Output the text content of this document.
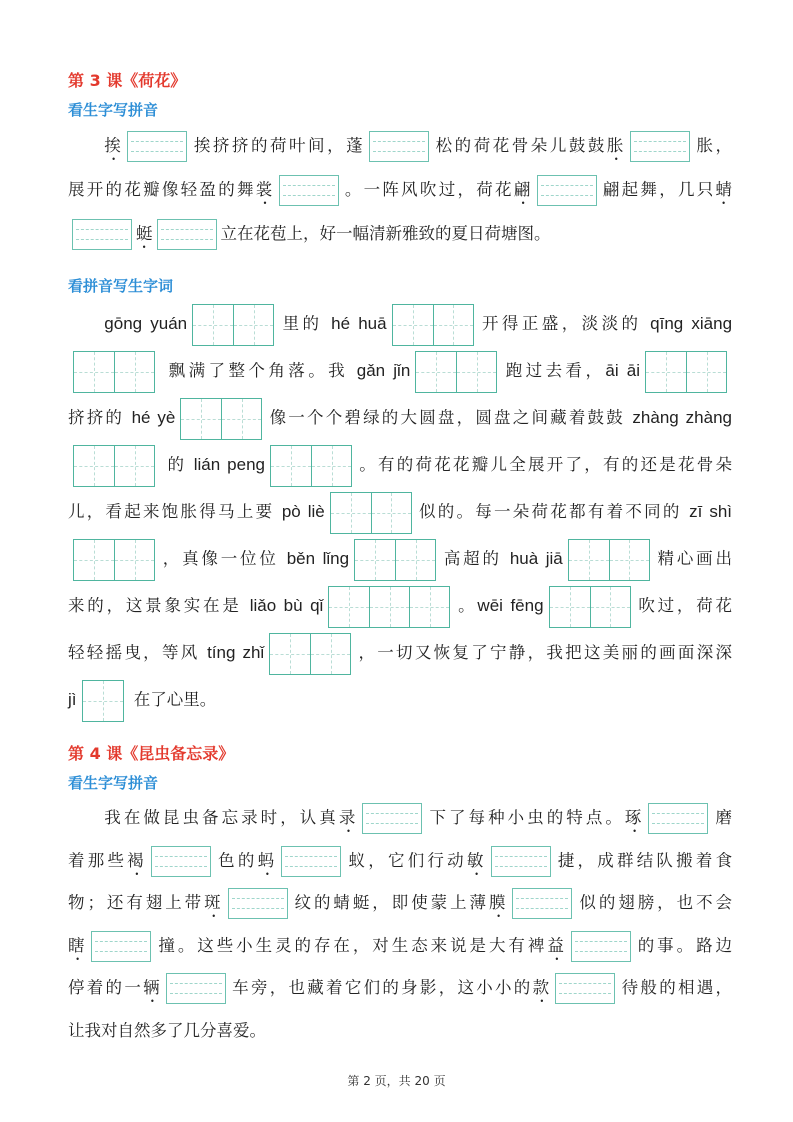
第 3 课《荷花》
看生字写拼音
挨	挨挤挤的荷叶间，蓬	松的荷花骨朵儿鼓鼓胀	胀，
展开的花瓣像轻盈的舞裳	。一阵风吹过，荷花翩	翩起舞，几只蜻
蜓	立在花苞上，好一幅清新雅致的夏日荷塘图。
看拼音写生字词
gōng yuán	里的 hé huā	开得正盛，淡淡的 qīng xiāng
飘满了整个角落。我 gǎn jǐn	跑过去看，āi āi
挤挤的 hé yè	像一个个碧绿的大圆盘，圆盘之间藏着鼓鼓 zhàng zhàng
的 lián peng	。有的荷花花瓣儿全展开了，有的还是花骨朵
儿，看起来饱胀得马上要 pò liè	似的。每一朵荷花都有着不同的 zī shì
，真像一位位 běn lǐng	高超的 huà jiā	精心画出
来的，这景象实在是 liǎo bù qǐ	。wēi fēng	吹过，荷花
轻轻摇曳，等风 tíng zhǐ	，一切又恢复了宁静，我把这美丽的画面深深
jì	在了心里。
第 4 课《昆虫备忘录》
看生字写拼音
我在做昆虫备忘录时，认真录	下了每种小虫的特点。琢	磨
着那些褐	色的蚂	蚁，它们行动敏	捷，成群结队搬着食
物；还有翅上带斑	纹的蜻蜓，即使蒙上薄膜	似的翅膀，也不会
瞎	撞。这些小生灵的存在，对生态来说是大有裨益	的事。路边
停着的一辆	车旁，也藏着它们的身影，这小小的款	待般的相遇，
让我对自然多了几分喜爱。
第 2 页，共 20 页
